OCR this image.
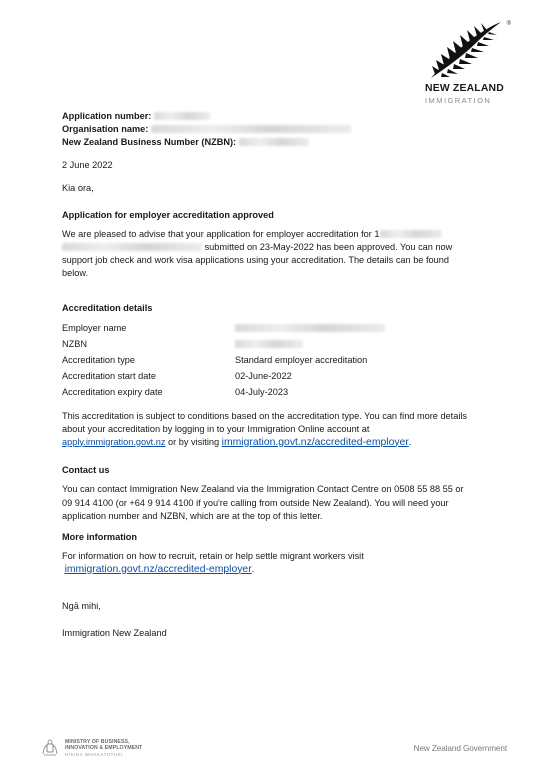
®
NEW ZEALAND
IMMIGRATION
Application number:
Organisation name:
New Zealand Business Number (NZBN):
2 June 2022
Kia ora,
Application for employer accreditation approved
We are pleased to advise that your application for employer accreditation for 1
submitted on 23-May-2022 has been approved. You can now
support job check and work visa applications using your accreditation. The details can be found
below.
Accreditation details
Employer name
NZBN
Accreditation type	Standard employer accreditation
Accreditation start date	02-June-2022
Accreditation expiry date	04-July-2023
This accreditation is subject to conditions based on the accreditation type. You can find more details
about your accreditation by logging in to your Immigration Online account at
apply.immigration.govt.nz or by visiting immigration.govt.nz/accredited-employer.
Contact us
You can contact Immigration New Zealand via the Immigration Contact Centre on 0508 55 88 55 or
09 914 4100 (or +64 9 914 4100 if you're calling from outside New Zealand). You will need your
application number and NZBN, which are at the top of this letter.
More information
For information on how to recruit, retain or help settle migrant workers visit
immigration.govt.nz/accredited-employer.
Ngā mihi,
Immigration New Zealand
MINISTRY OF BUSINESS,
INNOVATION & EMPLOYMENT
HĪKINA WHAKATUTUKI
New Zealand Government
